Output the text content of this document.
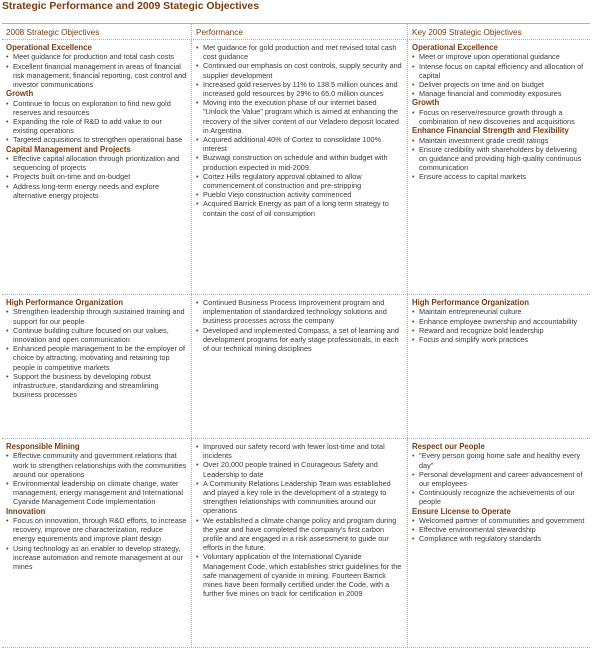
Strategic Performance and 2009 Stategic Objectives
2008 Strategic Objectives	Performance	Key 2009 Strategic Objectives
Operational Excellence
• Meet guidance for production and total cash costs
• Excellent financial management in areas of financial risk management, financial reporting, cost control and investor communications
Growth
• Continue to focus on exploration to find new gold reserves and resources
• Expanding the role of R&D to add value to our existing operations
• Targeted acquisitions to strengthen operational base
Capital Management and Projects
• Effective capital allocation through prioritization and sequencing of projects
• Projects built on-time and on-budget
• Address long-term energy needs and explore alternative energy projects
• Met guidance for gold production and met revised total cash cost guidance
• Continued our emphasis on cost controls, supply security and supplier development
• Increased gold reserves by 11% to 138.5 million ounces and increased gold resources by 29% to 65.0 million ounces
• Moving into the execution phase of our internet based "Unlock the Value" program which is aimed at enhancing the recovery of the silver content of our Veladero deposit located in Argentina
• Acquired additional 40% of Cortez to consolidate 100% interest
• Buzwagi construction on schedule and within budget with production expected in mid-2009.
• Cortez Hills regulatory approval obtained to allow commencement of construction and pre-stripping
• Pueblo Viejo construction activity commenced
• Acquired Barrick Energy as part of a long term strategy to contain the cost of oil consumption
Operational Excellence
• Meet or improve upon operational guidance
• Intense focus on capital efficiency and allocation of capital
• Deliver projects on time and on budget
• Manage financial and commodity exposures
Growth
• Focus on reserve/resource growth through a combination of new discoveries and acquisitions
Enhance Financial Strength and Flexibility
• Maintain investment grade credit ratings
• Ensure credibility with shareholders by delivering on guidance and providing high-quality continuous communication
• Ensure access to capital markets
High Performance Organization
• Strengthen leadership through sustained training and support for our people
• Continue building culture focused on our values, innovation and open communication
• Enhanced people management to be the employer of choice by attracting, motivating and retaining top people in competitive markets
• Support the business by developing robust infrastructure, standardizing and streamlining business processes
• Continued Business Process Improvement program and implementation of standardized technology solutions and business processes across the company
• Developed and implemented Compass, a set of learning and development programs for early stage professionals, in each of our technical mining disciplines
High Performance Organization
• Maintain entrepreneurial culture
• Enhance employee ownership and accountability
• Reward and recognize bold leadership
• Focus and simplify work practices
Responsible Mining
• Effective community and government relations that work to strengthen relationships with the communities around our operations
• Environmental leadership on climate change, water management, energy management and International Cyanide Management Code implementation
Innovation
• Focus on innovation, through R&D efforts, to increase recovery, improve ore characterization, reduce energy equirements and improve plant design
• Using technology as an enabler to develop strategy, increase automation and remote management at our mines
• Improved our safety record with fewer lost-time and total incidents
• Over 20,000 people trained in Courageous Safety and Leadership to date
• A Community Relations Leadership Team was established and played a key role in the development of a strategy to strengthen relationships with communities around our operations
• We established a climate change policy and program during the year and have completed the company's first carbon profile and are engaged in a risk assessment to guide our efforts in the future.
• Voluntary application of the International Cyanide Management Code, which establishes strict guidelines for the safe management of cyanide in mining. Fourteen Barrick mines have been formally certified under the Code, with a further five mines on track for certification in 2009
Respect our People
• "Every person going home safe and healthy every day"
• Personal development and career advancement of our employees
• Continuously recognize the achievements of our people
Ensure License to Operate
• Welcomed partner of communities and government
• Effective environmental stewardship
• Compliance with regulatory standards
